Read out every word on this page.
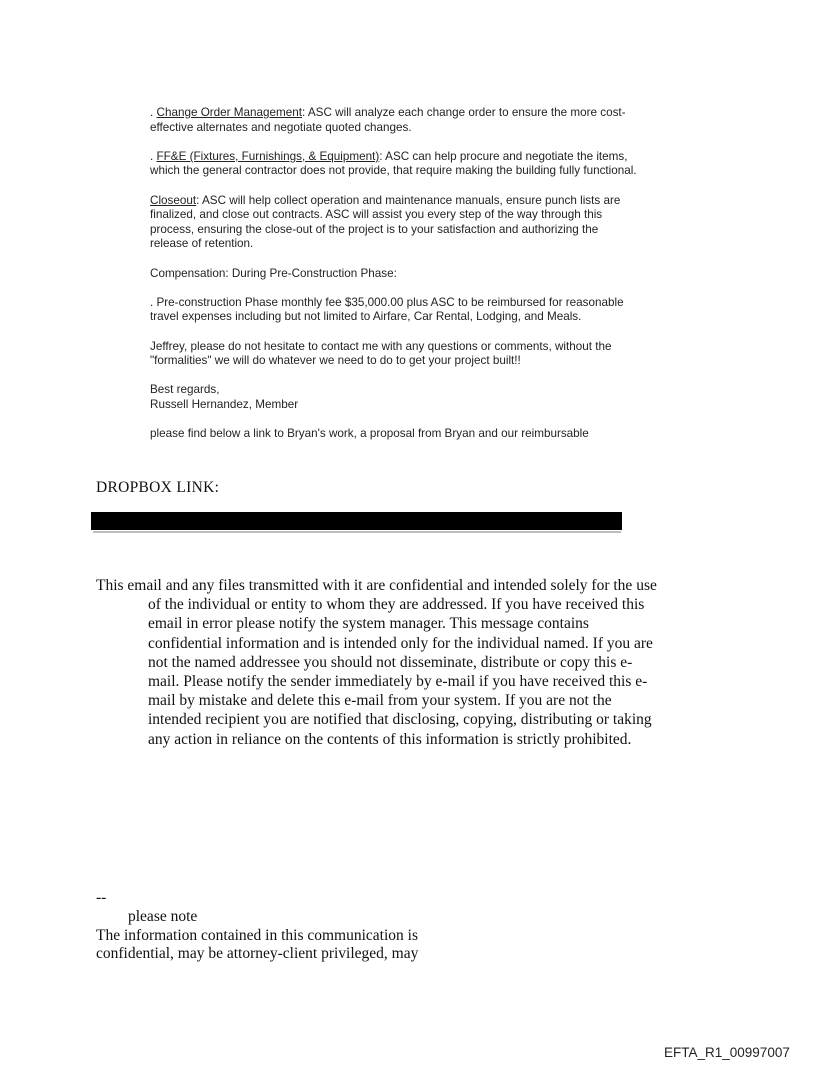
. Change Order Management: ASC will analyze each change order to ensure the more cost-
effective alternates and negotiate quoted changes.
. FF&E (Fixtures, Furnishings, & Equipment): ASC can help procure and negotiate the items,
which the general contractor does not provide, that require making the building fully functional.
Closeout: ASC will help collect operation and maintenance manuals, ensure punch lists are
finalized, and close out contracts. ASC will assist you every step of the way through this
process, ensuring the close-out of the project is to your satisfaction and authorizing the
release of retention.
Compensation: During Pre-Construction Phase:
. Pre-construction Phase monthly fee $35,000.00 plus ASC to be reimbursed for reasonable
travel expenses including but not limited to Airfare, Car Rental, Lodging, and Meals.
Jeffrey, please do not hesitate to contact me with any questions or comments, without the
"formalities" we will do whatever we need to do to get your project built!!
Best regards,
Russell Hernandez, Member
please find below a link to Bryan's work, a proposal from Bryan and our reimbursable
DROPBOX LINK:
This email and any files transmitted with it are confidential and intended solely for the use
of the individual or entity to whom they are addressed. If you have received this
email in error please notify the system manager. This message contains
confidential information and is intended only for the individual named. If you are
not the named addressee you should not disseminate, distribute or copy this e-
mail. Please notify the sender immediately by e-mail if you have received this e-
mail by mistake and delete this e-mail from your system. If you are not the
intended recipient you are notified that disclosing, copying, distributing or taking
any action in reliance on the contents of this information is strictly prohibited.
--
please note
The information contained in this communication is
confidential, may be attorney-client privileged, may
EFTA_R1_00997007
